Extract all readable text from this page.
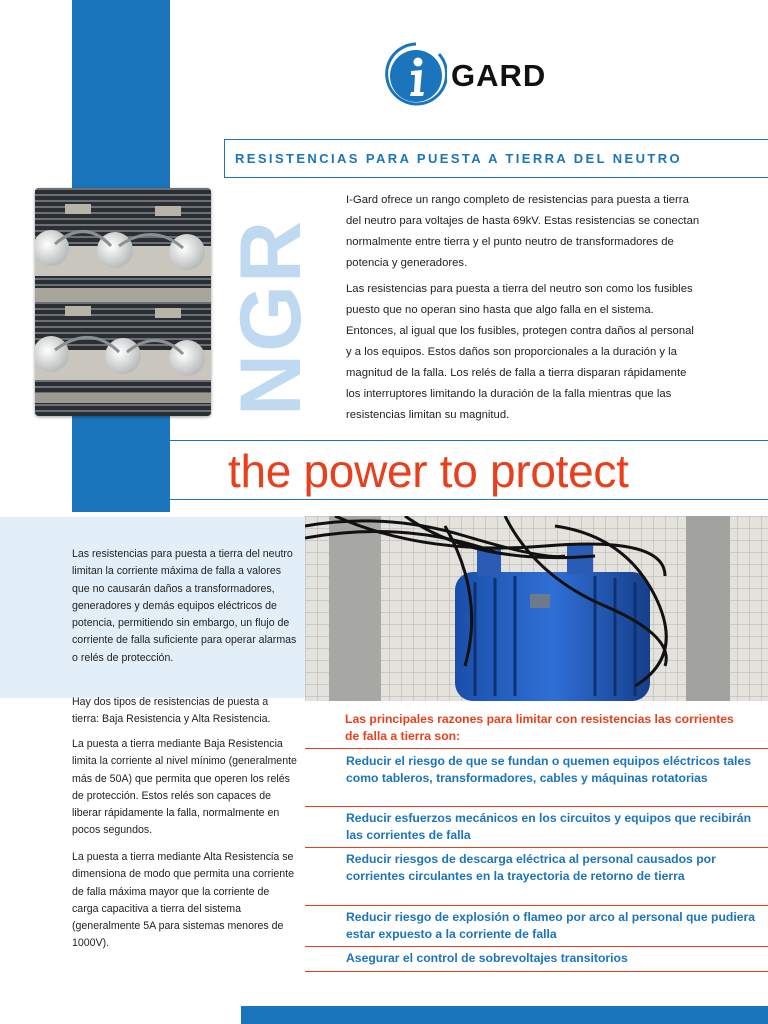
GARD
RESISTENCIAS PARA PUESTA A TIERRA DEL NEUTRO
NGR

I-Gard ofrece un rango completo de resistencias para puesta a tierra del neutro para voltajes de hasta 69kV. Estas resistencias se conectan normalmente entre tierra y el punto neutro de transformadores de potencia y generadores.

Las resistencias para puesta a tierra del neutro son como los fusibles puesto que no operan sino hasta que algo falla en el sistema. Entonces, al igual que los fusibles, protegen contra daños al personal y a los equipos. Estos daños son proporcionales a la duración y la magnitud de la falla. Los relés de falla a tierra disparan rápidamente los interruptores limitando la duración de la falla mientras que las resistencias limitan su magnitud.

the power to protect

Las resistencias para puesta a tierra del neutro limitan la corriente máxima de falla a valores que no causarán daños a transformadores, generadores y demás equipos eléctricos de potencia, permitiendo sin embargo, un flujo de corriente de falla suficiente para operar alarmas o relés de protección.

Hay dos tipos de resistencias de puesta a tierra: Baja Resistencia y Alta Resistencia.

La puesta a tierra mediante Baja Resistencia limita la corriente al nivel mínimo (generalmente más de 50A) que permita que operen los relés de protección. Estos relés son capaces de liberar rápidamente la falla, normalmente en pocos segundos.

La puesta a tierra mediante Alta Resistencia se dimensiona de modo que permita una corriente de falla máxima mayor que la corriente de carga capacitiva a tierra del sistema (generalmente 5A para sistemas menores de 1000V).

Las principales razones para limitar con resistencias las corrientes de falla a tierra son:

Reducir el riesgo de que se fundan o quemen equipos eléctricos tales como tableros, transformadores, cables y máquinas rotatorias

Reducir esfuerzos mecánicos en los circuitos y equipos que recibirán las corrientes de falla

Reducir riesgos de descarga eléctrica al personal causados por corrientes circulantes en la trayectoria de retorno de tierra

Reducir riesgo de explosión o flameo por arco al personal que pudiera estar expuesto a la corriente de falla

Asegurar el control de sobrevoltajes transitorios
